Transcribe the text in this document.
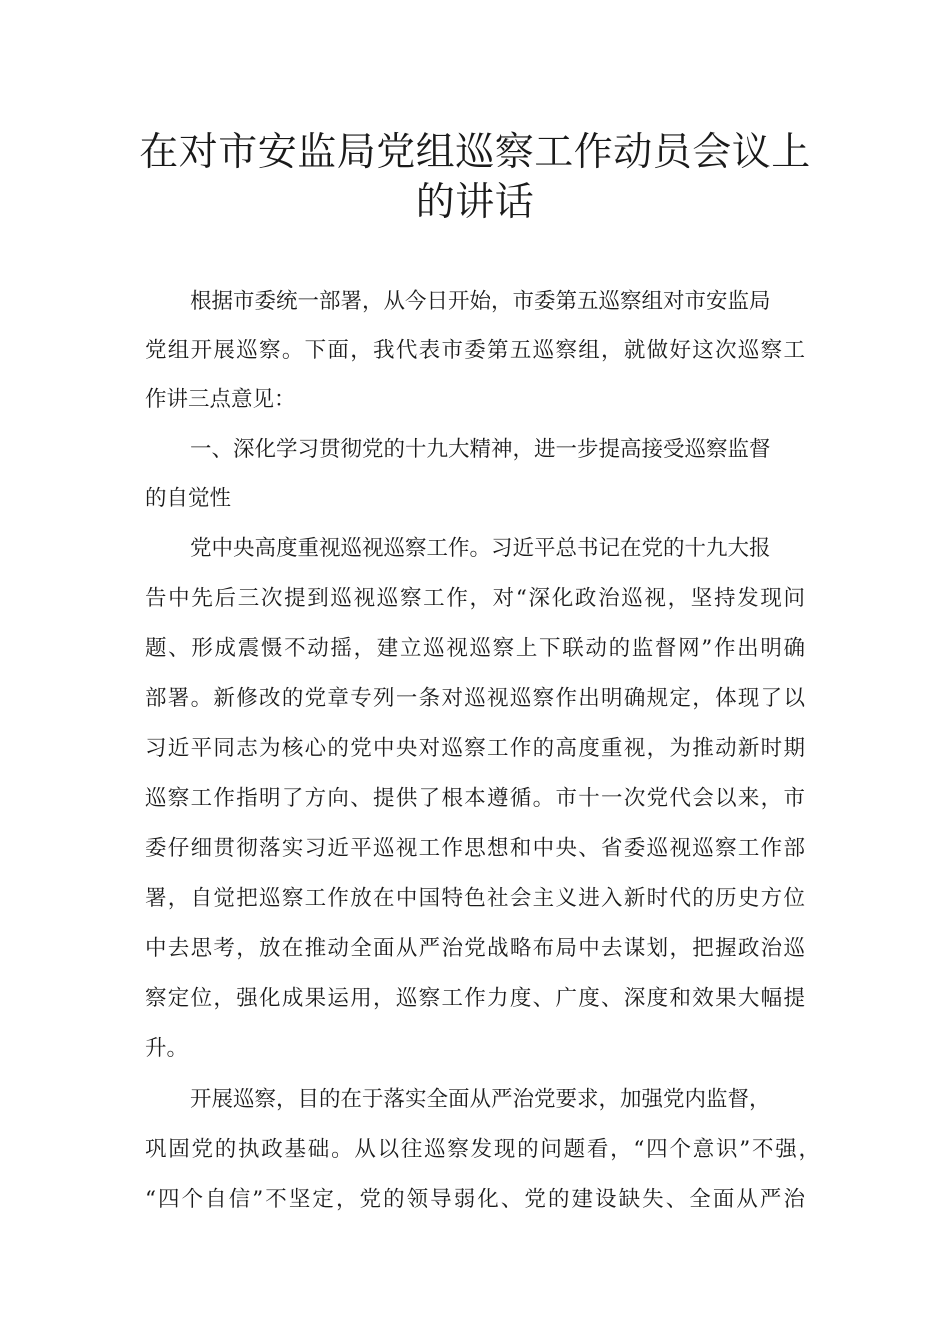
在对市安监局党组巡察工作动员会议上
的讲话
根据市委统一部署，从今日开始，市委第五巡察组对市安监局
党组开展巡察。下面，我代表市委第五巡察组，就做好这次巡察工
作讲三点意见：
一、深化学习贯彻党的十九大精神，进一步提高接受巡察监督
的自觉性
党中央高度重视巡视巡察工作。习近平总书记在党的十九大报
告中先后三次提到巡视巡察工作，对“深化政治巡视，坚持发现问
题、形成震慑不动摇，建立巡视巡察上下联动的监督网”作出明确
部署。新修改的党章专列一条对巡视巡察作出明确规定，体现了以
习近平同志为核心的党中央对巡察工作的高度重视，为推动新时期
巡察工作指明了方向、提供了根本遵循。市十一次党代会以来，市
委仔细贯彻落实习近平巡视工作思想和中央、省委巡视巡察工作部
署，自觉把巡察工作放在中国特色社会主义进入新时代的历史方位
中去思考，放在推动全面从严治党战略布局中去谋划，把握政治巡
察定位，强化成果运用，巡察工作力度、广度、深度和效果大幅提
升。
开展巡察，目的在于落实全面从严治党要求，加强党内监督，
巩固党的执政基础。从以往巡察发现的问题看，“四个意识”不强，
“四个自信”不坚定，党的领导弱化、党的建设缺失、全面从严治
